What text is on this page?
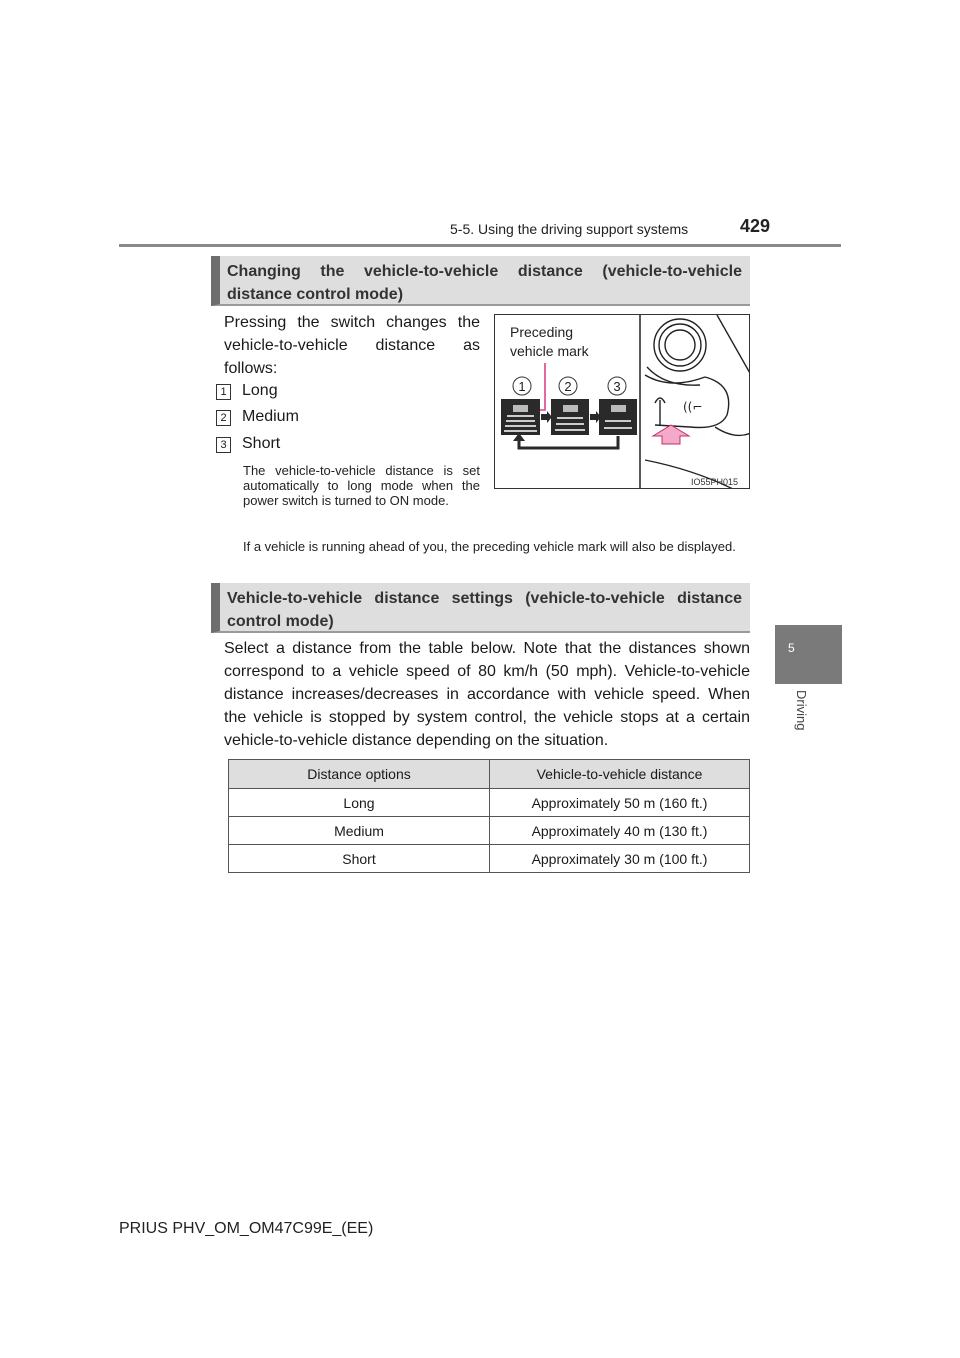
5-5. Using the driving support systems	429
5
Driving
Changing the vehicle-to-vehicle distance (vehicle-to-vehicle distance control mode)

Pressing the switch changes the vehicle-to-vehicle distance as follows:

1 Long
2 Medium
3 Short

The vehicle-to-vehicle distance is set automatically to long mode when the power switch is turned to ON mode.

If a vehicle is running ahead of you, the preceding vehicle mark will also be displayed.

Preceding
vehicle mark
1	2	3
((⌐
IO55PH015
Vehicle-to-vehicle distance settings (vehicle-to-vehicle distance control mode)

Select a distance from the table below. Note that the distances shown correspond to a vehicle speed of 80 km/h (50 mph). Vehicle-to-vehicle distance increases/decreases in accordance with vehicle speed. When the vehicle is stopped by system control, the vehicle stops at a certain vehicle-to-vehicle distance depending on the situation.

Distance options	Vehicle-to-vehicle distance
Long	Approximately 50 m (160 ft.)
Medium	Approximately 40 m (130 ft.)
Short	Approximately 30 m (100 ft.)
PRIUS PHV_OM_OM47C99E_(EE)
